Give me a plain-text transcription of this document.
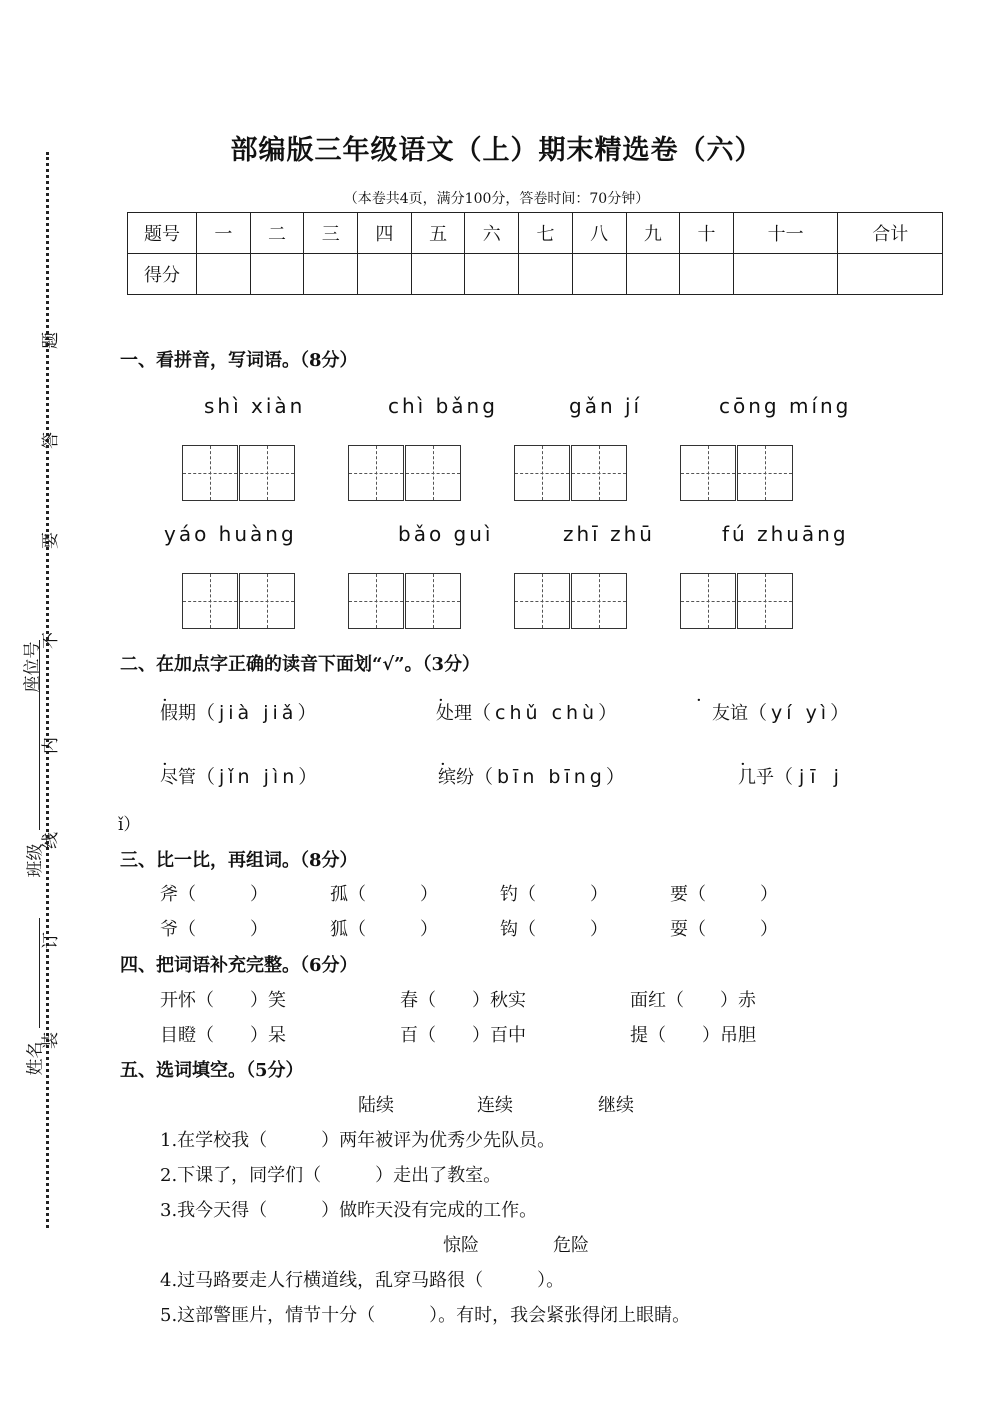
题
答
要
不
内
线
订
装
座位号
班级
姓名
部编版三年级语文（上）期末精选卷（六）
（本卷共4页，满分100分，答卷时间：70分钟）
题号	一	二	三	四	五	六	七	八	九	十	十一	合计
得分												
一、看拼音，写词语。（8分）
shì xiàn	chì bǎng	gǎn jí	cōng míng
yáo huàng	bǎo guì	zhī zhū	fú zhuāng
二、在加点字正确的读音下面划“√”。（3分）
假期（jià jiǎ）	处理（chǔ chù）	· 友谊（yí yì）
尽管（jǐn jìn）	缤纷（bīn bīng）	几乎（jī j
ǐ）
三、比一比，再组词。（8分）
斧（　　　）	孤（　　　）	钓（　　　）	要（　　　）
爷（　　　）	狐（　　　）	钩（　　　）	耍（　　　）
四、把词语补充完整。（6分）
开怀（　　）笑	春（　　）秋实	面红（　　）赤
目瞪（　　）呆	百（　　）百中	提（　　）吊胆
五、选词填空。（5分）
陆续	连续	继续
1.在学校我（　　　）两年被评为优秀少先队员。
2.下课了，同学们（　　　）走出了教室。
3.我今天得（　　　）做昨天没有完成的工作。
惊险	危险
4.过马路要走人行横道线，乱穿马路很（　　　）。
5.这部警匪片，情节十分（　　　）。有时，我会紧张得闭上眼睛。
